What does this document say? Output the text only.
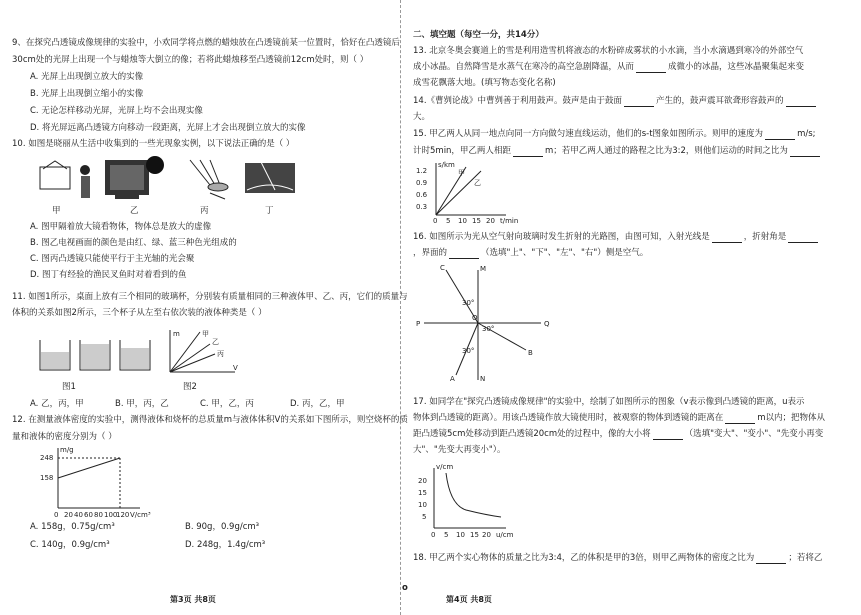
9、在探究凸透镜成像规律的实验中，小欢同学将点燃的蜡烛放在凸透镜前某一位置时，恰好在凸透镜后
30cm处的光屏上出现一个与蜡烛等大倒立的像；若将此蜡烛移至凸透镜前12cm处时，则（ ）
A. 光屏上出现倒立放大的实像
B. 光屏上出现倒立缩小的实像
C. 无论怎样移动光屏，光屏上均不会出现实像
D. 将光屏远离凸透镜方向移动一段距离，光屏上才会出现倒立放大的实像
10. 如图是晓丽从生活中收集到的一些光现象实例，以下说法正确的是（ ）
甲	乙	丙	丁
A. 图甲隔着放大镜看物体，物体总是放大的虚像
B. 图乙电视画面的颜色是由红、绿、蓝三种色光组成的
C. 图丙凸透镜只能使平行于主光轴的光会聚
D. 图丁有经验的渔民叉鱼时对着看到的鱼
11. 如图1所示，桌面上放有三个相同的玻璃杯，分别装有质量相同的三种液体甲、乙、丙，它们的质量与
体积的关系如图2所示，三个杯子从左至右依次装的液体种类是（ ）
m
V
甲
乙
丙
图1	图2
A. 乙，丙，甲	B. 甲，丙，乙	C. 甲，乙，丙	D. 丙，乙，甲
12. 在测量液体密度的实验中，测得液体和烧杯的总质量m与液体体积V的关系如下图所示，则空烧杯的质
量和液体的密度分别为（ ）
m/g
248
158
0 20 40 60 80 100
120 V/cm³
A. 158g，0.75g/cm³	B. 90g，0.9g/cm³
C. 140g，0.9g/cm³	D. 248g，1.4g/cm³
第3页 共8页
二、填空题（每空一分，共14分）
13. 北京冬奥会赛道上的雪是利用造雪机将液态的水粉碎成雾状的小水滴，当小水滴遇到寒冷的外部空气
成小冰晶。自然降雪是水蒸气在寒冷的高空急剧降温，从而	成微小的冰晶，这些冰晶聚集起来变
成雪花飘落大地。(填写物态变化名称)
14.《曹刿论战》中曹刿善于利用鼓声。鼓声是由于鼓面	产生的，鼓声震耳欲聋形容鼓声的
大。
15. 甲乙两人从同一地点向同一方向做匀速直线运动，他们的s-t图象如图所示。则甲的速度为	m/s;
计时5min，甲乙两人相距	m；若甲乙两人通过的路程之比为3:2，则他们运动的时间之比为
s/km
1.2
0.9
0.6
0.3
0 5 10 15 20 t/min
甲
乙
16. 如图所示为光从空气射向玻璃时发生折射的光路图，由图可知，入射光线是	，折射角是
，界面的	（选填"上"、"下"、"左"、"右"）侧是空气。
C	M
P
O
Q
B
A	N
30°
30°
30°
17. 如同学在"探究凸透镜成像规律"的实验中，绘制了如图所示的图象（v表示像到凸透镜的距离，u表示
物体到凸透镜的距离）。用该凸透镜作放大镜使用时，被观察的物体到透镜的距离在	m以内；把物体从
距凸透镜5cm处移动到距凸透镜20cm处的过程中，像的大小将	（选填"变大"、"变小"、"先变小再变
大"、"先变大再变小"）。
v/cm
20
15
10
5
0 5 10 15 20 u/cm
18. 甲乙两个实心物体的质量之比为3:4，乙的体积是甲的3倍，则甲乙两物体的密度之比为	；若将乙
第4页 共8页
o
